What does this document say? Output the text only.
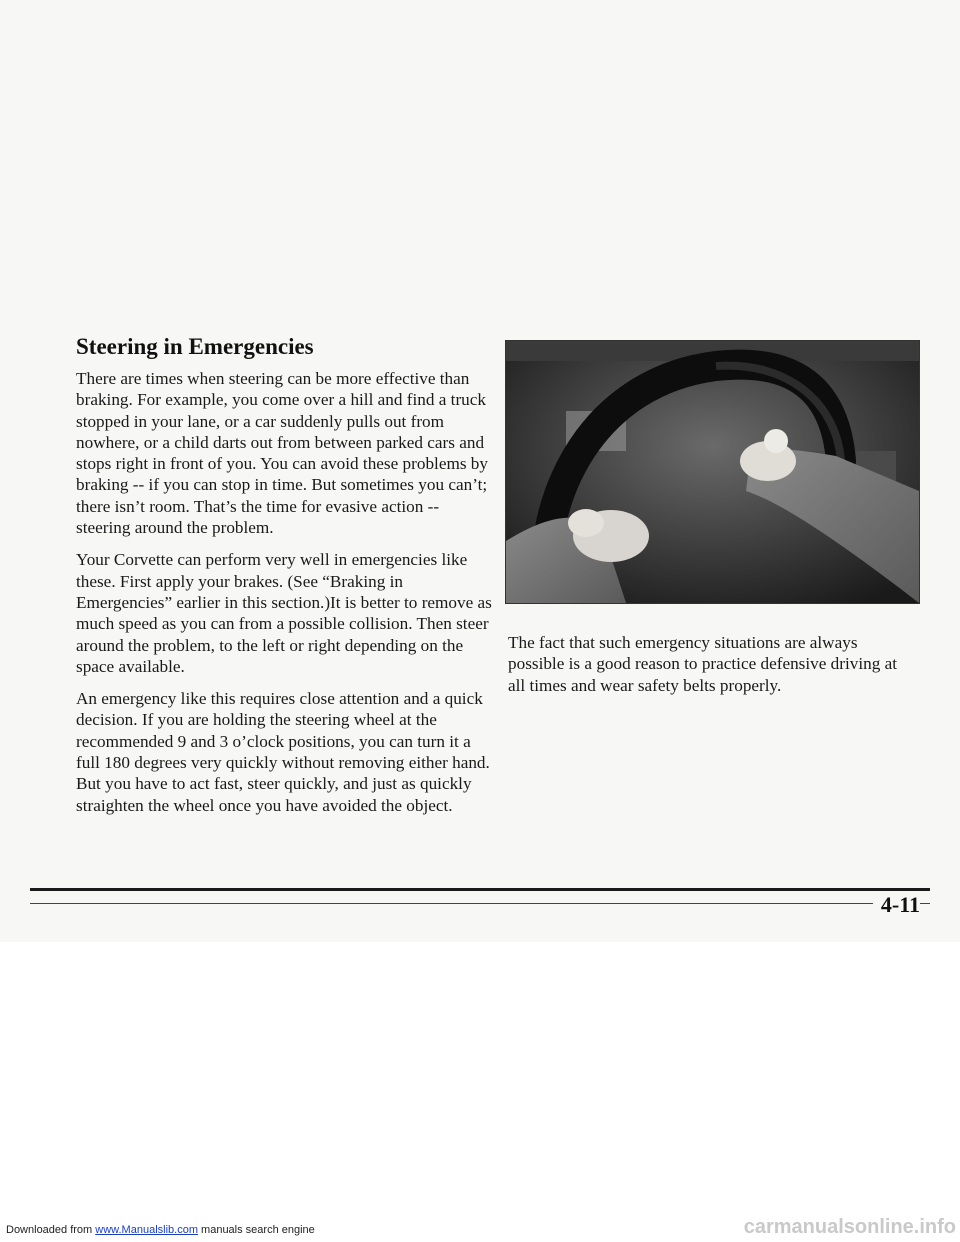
Steering in Emergencies

There are times when steering can be more effective than braking. For example, you come over a hill and find a truck stopped in your lane, or a car suddenly pulls out from nowhere, or a child darts out from between parked cars and stops right in front of you. You can avoid these problems by braking -- if you can stop in time. But sometimes you can’t; there isn’t room. That’s the time for evasive action -- steering around the problem.

Your Corvette can perform very well in emergencies like these. First apply your brakes. (See “Braking in Emergencies” earlier in this section.)It is better to remove as much speed as you can from a possible collision. Then steer around the problem, to the left or right depending on the space available.

An emergency like this requires close attention and a quick decision. If you are holding the steering wheel at the recommended 9 and 3 o’clock positions, you can turn it a full 180 degrees very quickly without removing either hand. But you have to act fast, steer quickly, and just as quickly straighten the wheel once you have avoided the object.

The fact that such emergency situations are always possible is a good reason to practice defensive driving at all times and wear safety belts properly.

4-11
Downloaded from www.Manualslib.com manuals search engine	carmanualsonline.info
